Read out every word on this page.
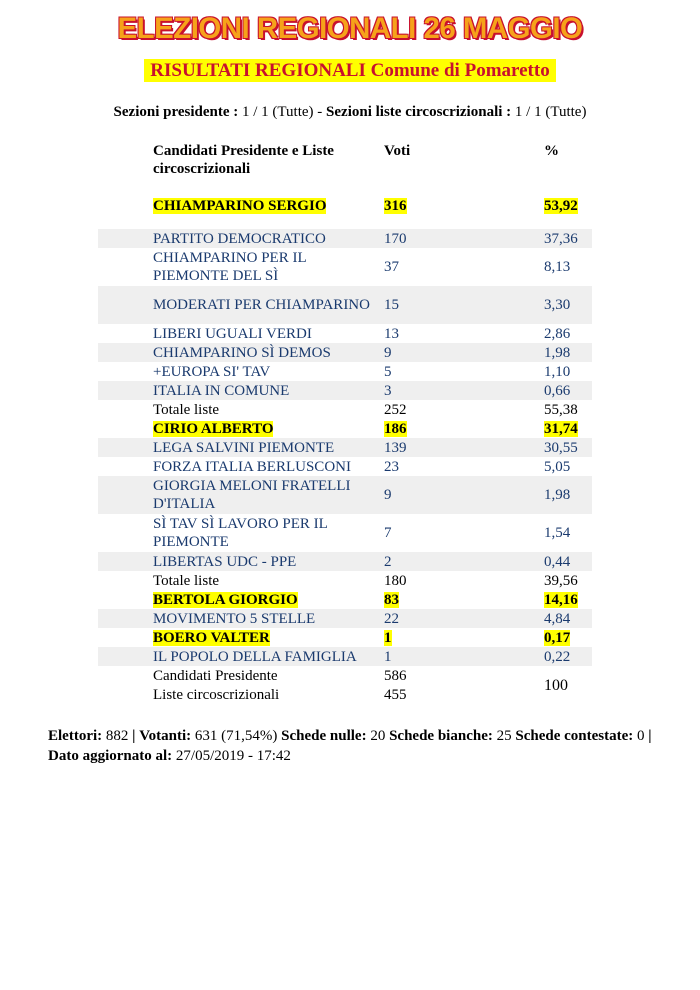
ELEZIONI REGIONALI 26 MAGGIO
RISULTATI REGIONALI Comune di Pomaretto
Sezioni presidente : 1 / 1 (Tutte) - Sezioni liste circoscrizionali : 1 / 1 (Tutte)
Candidati Presidente e Liste circoscrizionali
Voti	%
CHIAMPARINO SERGIO	316	53,92
PARTITO DEMOCRATICO	170	37,36
CHIAMPARINO PER IL PIEMONTE DEL SÌ
37	8,13
MODERATI PER CHIAMPARINO 15	3,30
LIBERI UGUALI VERDI	13	2,86
CHIAMPARINO SÌ DEMOS	9	1,98
+EUROPA SI' TAV	5	1,10
ITALIA IN COMUNE	3	0,66
Totale liste	252	55,38
CIRIO ALBERTO	186	31,74
LEGA SALVINI PIEMONTE	139	30,55
FORZA ITALIA BERLUSCONI	23	5,05
GIORGIA MELONI FRATELLI D'ITALIA
9	1,98
SÌ TAV SÌ LAVORO PER IL PIEMONTE
7	1,54
LIBERTAS UDC - PPE	2	0,44
Totale liste	180	39,56
BERTOLA GIORGIO	83	14,16
MOVIMENTO 5 STELLE	22	4,84
BOERO VALTER	1	0,17
IL POPOLO DELLA FAMIGLIA	1	0,22
Candidati Presidente	586
Liste circoscrizionali	455
100
Elettori: 882 | Votanti: 631 (71,54%) Schede nulle: 20 Schede bianche: 25 Schede contestate: 0 | Dato aggiornato al: 27/05/2019 - 17:42
